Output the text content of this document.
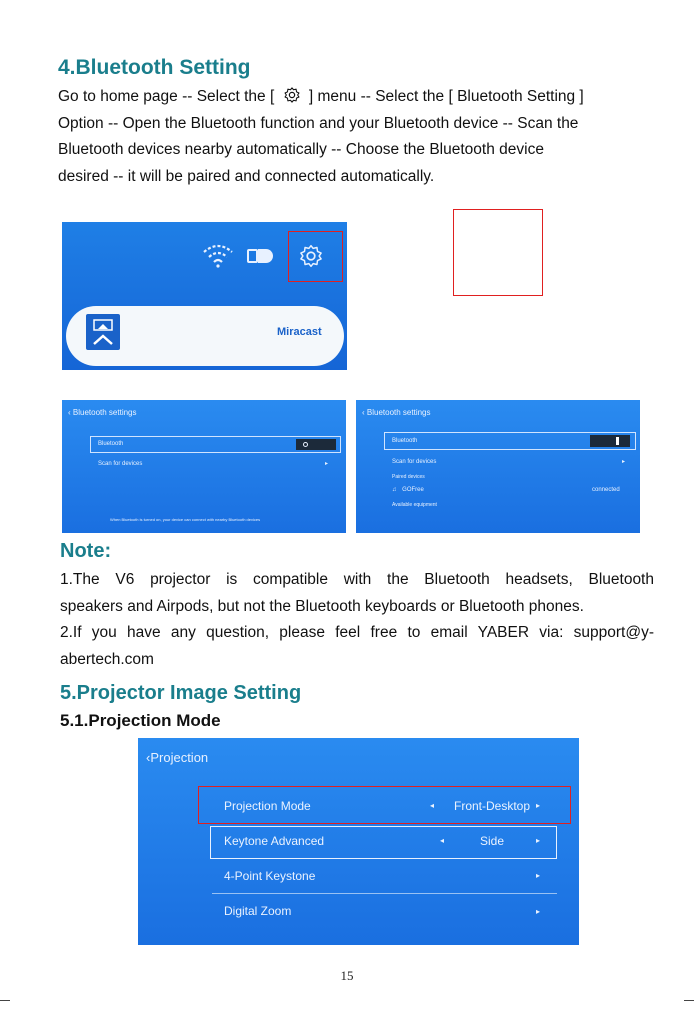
4.Bluetooth Setting
Go to home page -- Select the [ ] menu -- Select the [ Bluetooth Setting ]
Option -- Open the Bluetooth function and your Bluetooth device -- Scan the
Bluetooth devices nearby automatically -- Choose the Bluetooth device
desired -- it will be paired and connected automatically.
Miracast
‹ Bluetooth settings
Bluetooth
Scan for devices	▸
When Bluetooth is turned on, your device can connect with nearby Bluetooth devices
‹ Bluetooth settings
Bluetooth
Scan for devices	▸
Paired devices
♫ GOFree	connected
Available equipment
Note:
1.The V6 projector is compatible with the Bluetooth headsets, Bluetooth
speakers and Airpods, but not the Bluetooth keyboards or Bluetooth phones.
2.If you have any question, please feel free to email YABER via: support@y-
abertech.com
5.Projector Image Setting
5.1.Projection Mode
‹Projection
Projection Mode	◂ Front-Desktop ▸
Keytone Advanced	◂	Side	▸
4-Point Keystone	▸
Digital Zoom	▸
15
